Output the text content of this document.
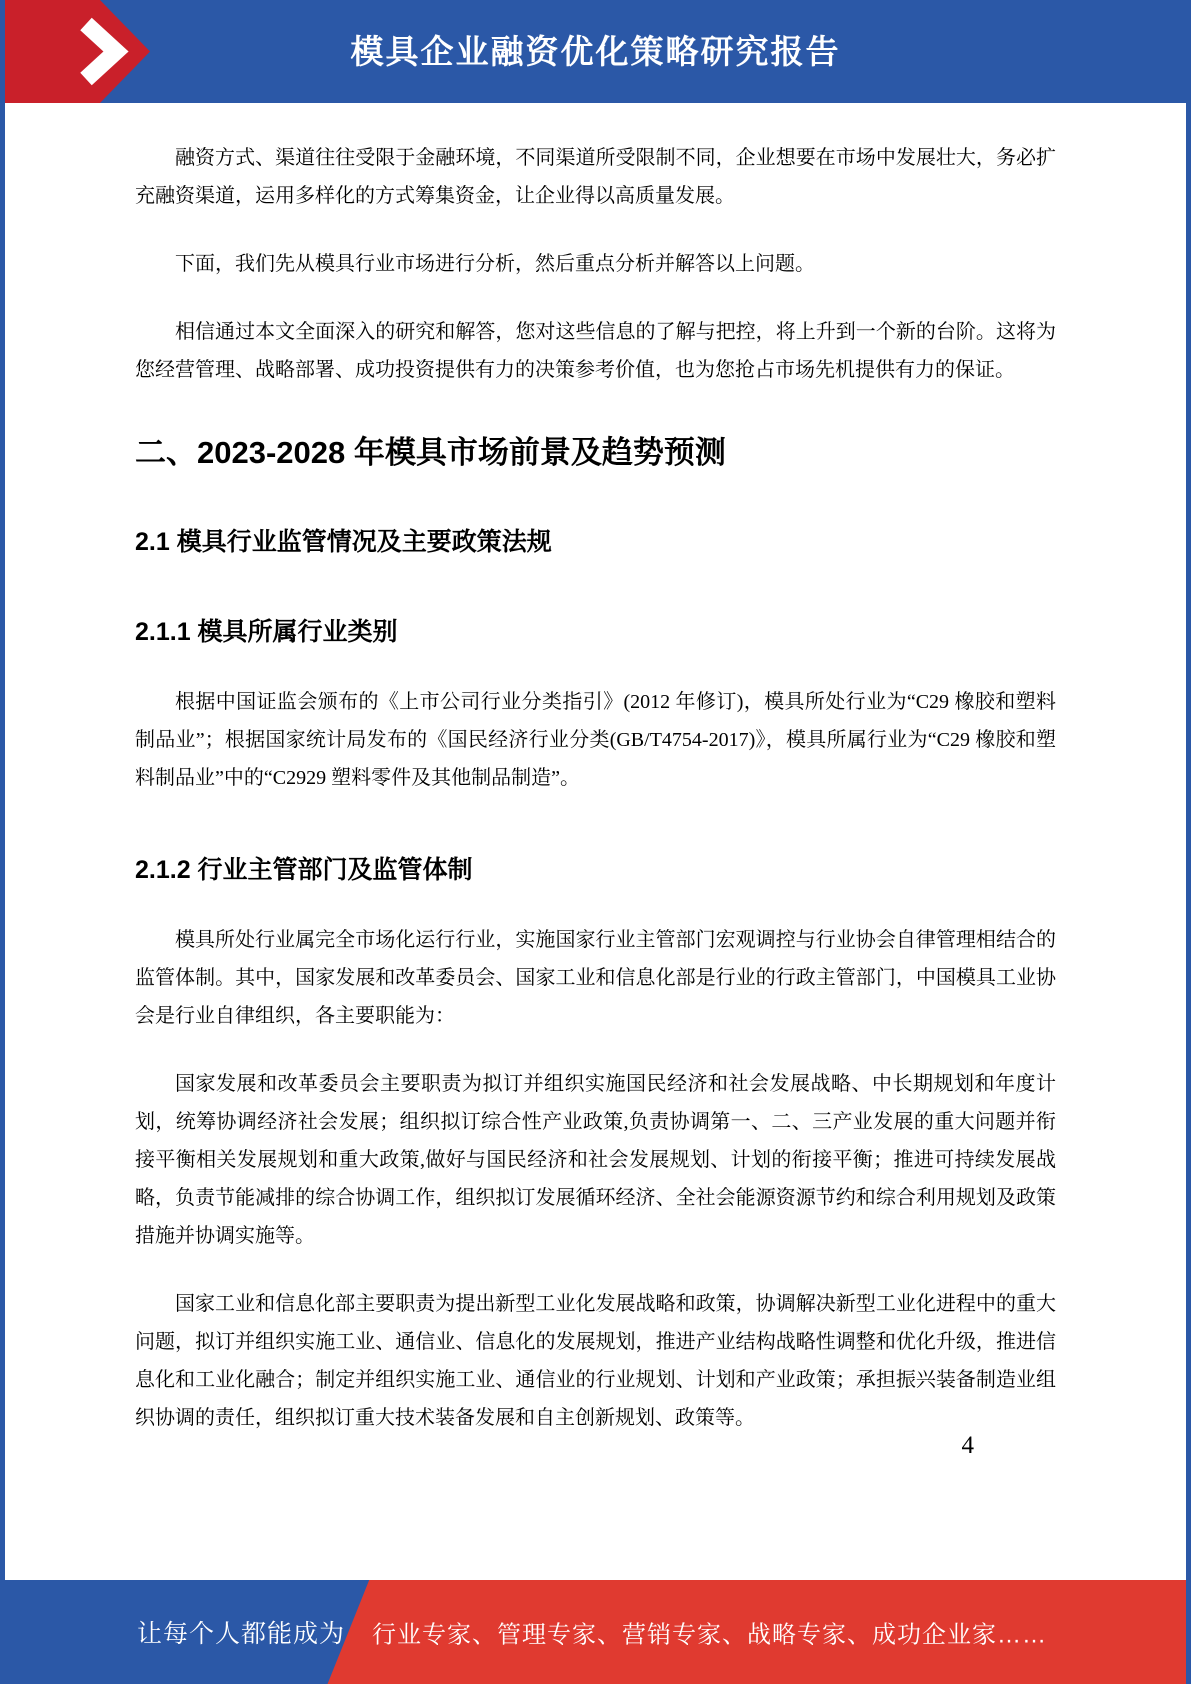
模具企业融资优化策略研究报告

融资方式、渠道往往受限于金融环境，不同渠道所受限制不同，企业想要在市场中发展壮大，务必扩充融资渠道，运用多样化的方式筹集资金，让企业得以高质量发展。

下面，我们先从模具行业市场进行分析，然后重点分析并解答以上问题。

相信通过本文全面深入的研究和解答，您对这些信息的了解与把控，将上升到一个新的台阶。这将为您经营管理、战略部署、成功投资提供有力的决策参考价值，也为您抢占市场先机提供有力的保证。

二、2023-2028 年模具市场前景及趋势预测
2.1 模具行业监管情况及主要政策法规
2.1.1 模具所属行业类别

根据中国证监会颁布的《上市公司行业分类指引》(2012 年修订)，模具所处行业为“C29 橡胶和塑料制品业”；根据国家统计局发布的《国民经济行业分类(GB/T4754-2017)》，模具所属行业为“C29 橡胶和塑料制品业”中的“C2929 塑料零件及其他制品制造”。

2.1.2 行业主管部门及监管体制

模具所处行业属完全市场化运行行业，实施国家行业主管部门宏观调控与行业协会自律管理相结合的监管体制。其中，国家发展和改革委员会、国家工业和信息化部是行业的行政主管部门，中国模具工业协会是行业自律组织，各主要职能为：

国家发展和改革委员会主要职责为拟订并组织实施国民经济和社会发展战略、中长期规划和年度计划，统筹协调经济社会发展；组织拟订综合性产业政策,负责协调第一、二、三产业发展的重大问题并衔接平衡相关发展规划和重大政策,做好与国民经济和社会发展规划、计划的衔接平衡；推进可持续发展战略，负责节能减排的综合协调工作，组织拟订发展循环经济、全社会能源资源节约和综合利用规划及政策措施并协调实施等。

国家工业和信息化部主要职责为提出新型工业化发展战略和政策，协调解决新型工业化进程中的重大问题，拟订并组织实施工业、通信业、信息化的发展规划，推进产业结构战略性调整和优化升级，推进信息化和工业化融合；制定并组织实施工业、通信业的行业规划、计划和产业政策；承担振兴装备制造业组织协调的责任，组织拟订重大技术装备发展和自主创新规划、政策等。

4
让每个人都能成为 行业专家、管理专家、营销专家、战略专家、成功企业家……
